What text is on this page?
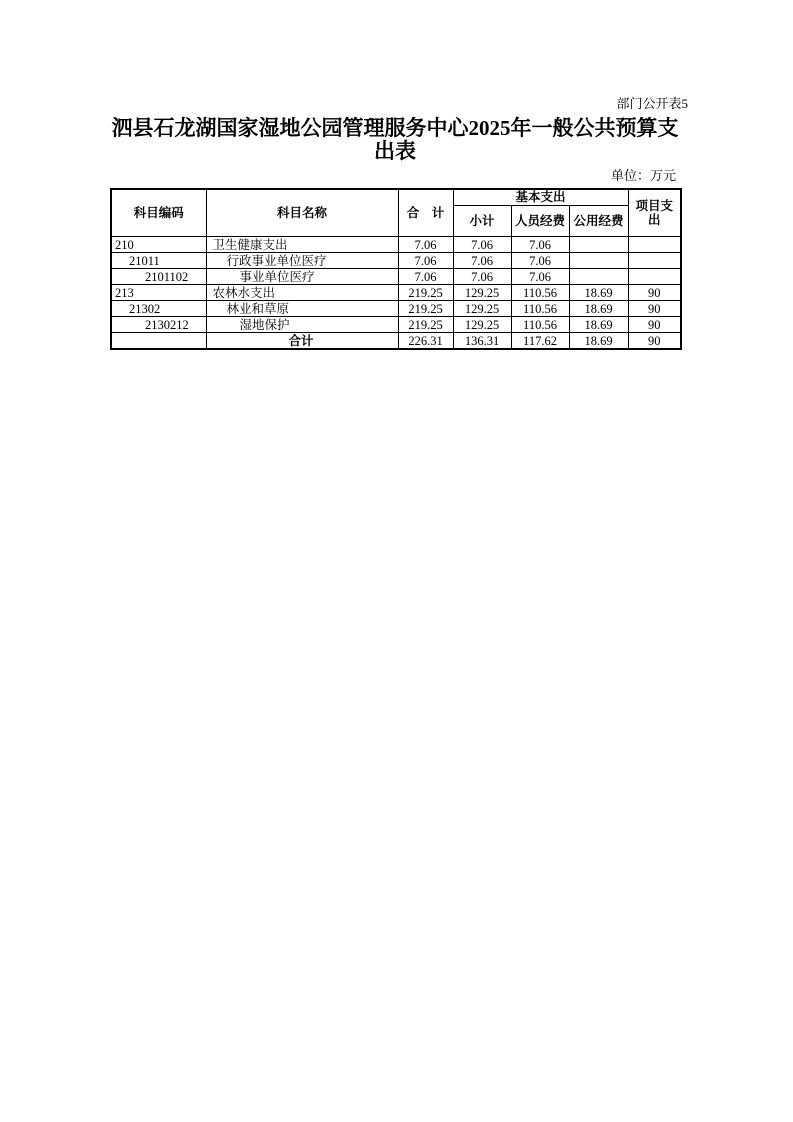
部门公开表5
泗县石龙湖国家湿地公园管理服务中心2025年一般公共预算支出表
单位：万元
科目编码	科目名称	合　计	基本支出			项目支出
			小计	人员经费	公用经费	
210	卫生健康支出	7.06	7.06	7.06		
21011	行政事业单位医疗	7.06	7.06	7.06		
2101102	事业单位医疗	7.06	7.06	7.06		
213	农林水支出	219.25	129.25	110.56	18.69	90
21302	林业和草原	219.25	129.25	110.56	18.69	90
2130212	湿地保护	219.25	129.25	110.56	18.69	90
	合计	226.31	136.31	117.62	18.69	90
